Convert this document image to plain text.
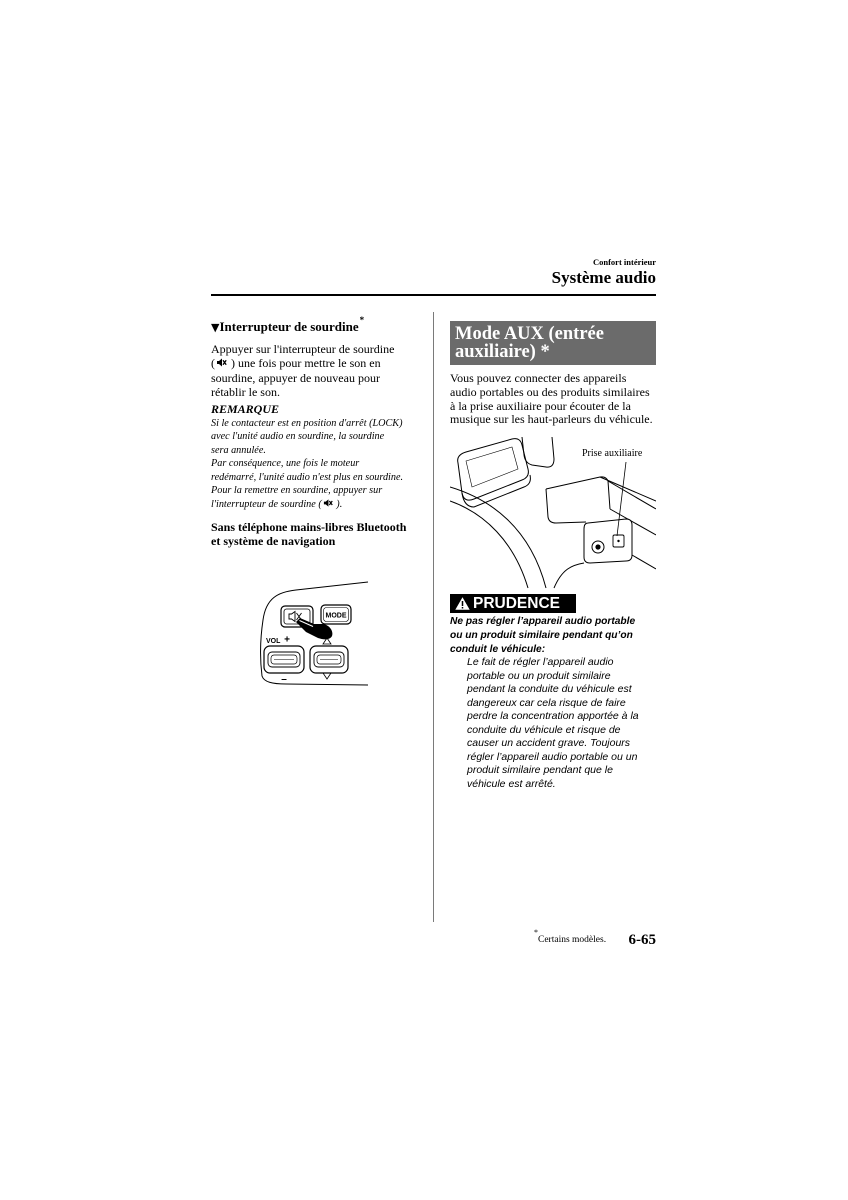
Confort intérieur
Système audio
▼Interrupteur de sourdine*
Appuyer sur l'interrupteur de sourdine
( ) une fois pour mettre le son en
sourdine, appuyer de nouveau pour
rétablir le son.
REMARQUE
Si le contacteur est en position d'arrêt (LOCK)
avec l'unité audio en sourdine, la sourdine
sera annulée.
Par conséquence, une fois le moteur
redémarré, l'unité audio n'est plus en sourdine.
Pour la remettre en sourdine, appuyer sur
l'interrupteur de sourdine ( ).
Sans téléphone mains-libres Bluetooth
et système de navigation
MODE
VOL +
–
Mode AUX (entrée
auxiliaire) *
Vous pouvez connecter des appareils
audio portables ou des produits similaires
à la prise auxiliaire pour écouter de la
musique sur les haut-parleurs du véhicule.
Prise auxiliaire
PRUDENCE
Ne pas régler l’appareil audio portable
ou un produit similaire pendant qu’on
conduit le véhicule:
Le fait de régler l’appareil audio
portable ou un produit similaire
pendant la conduite du véhicule est
dangereux car cela risque de faire
perdre la concentration apportée à la
conduite du véhicule et risque de
causer un accident grave. Toujours
régler l’appareil audio portable ou un
produit similaire pendant que le
véhicule est arrêté.
*Certains modèles. 6-65
